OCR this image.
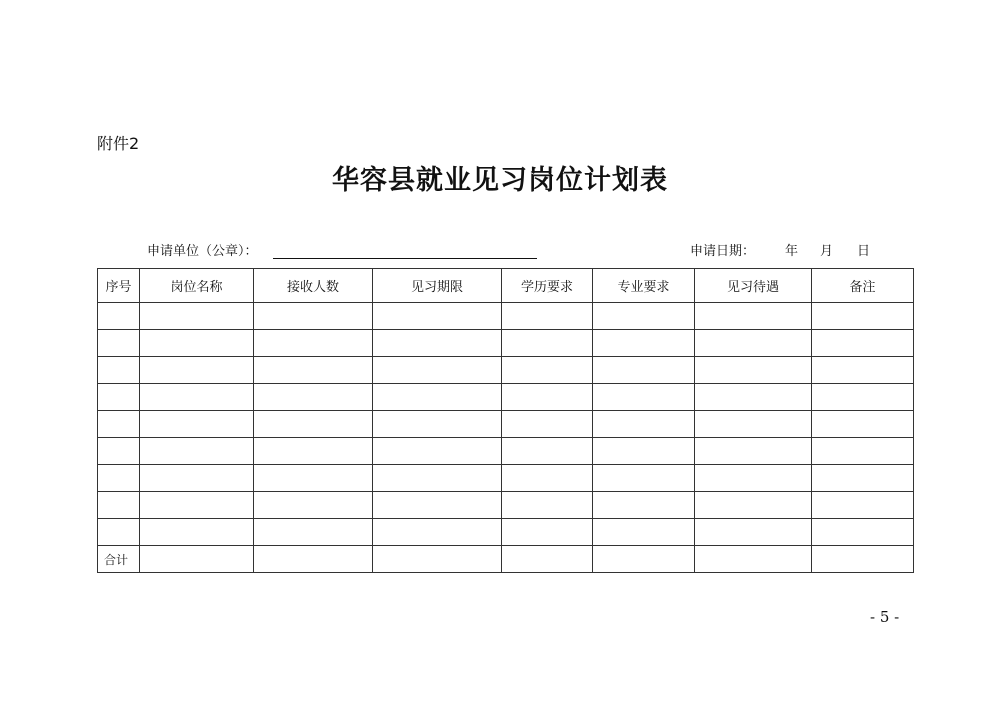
附件2
华容县就业见习岗位计划表
申请单位（公章）：	申请日期： 年 月 日
序号	岗位名称	接收人数	见习期限	学历要求	专业要求	见习待遇	备注

合计							
- 5 -
